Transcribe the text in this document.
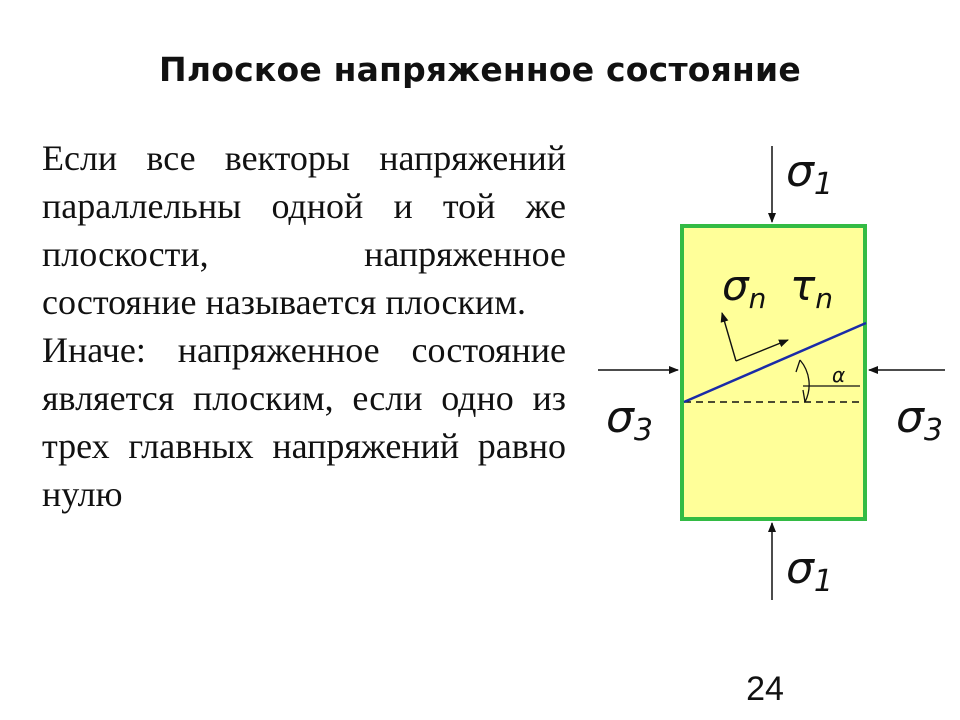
Плоское напряженное состояние

Если все векторы напряжений параллельны одной и той же плоскости, напряженное состояние называется плоским.

Иначе: напряженное состояние является плоским, если одно из трех главных напряжений равно нулю

σ1
σ1
σ3	σ3
σn τn
α
24
